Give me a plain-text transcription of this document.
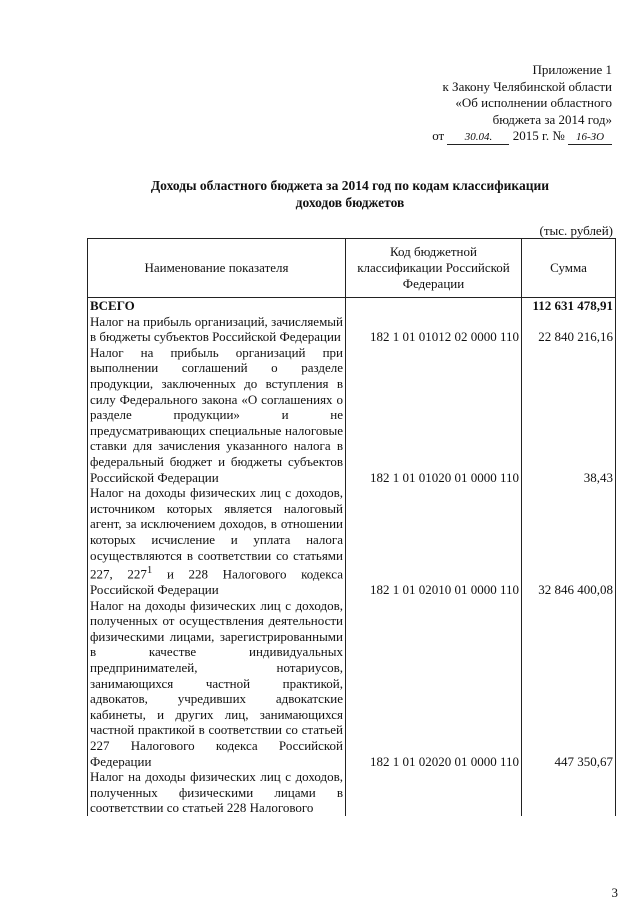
Приложение 1
к Закону Челябинской области
«Об исполнении областного
бюджета за 2014 год»
от 30.04. 2015 г. № 16-ЗО
Доходы областного бюджета за 2014 год по кодам классификации
доходов бюджетов
(тыс. рублей)
Наименование показателя	Код бюджетной классификации Российской Федерации	Сумма
ВСЕГО		112 631 478,91
Налог на прибыль организаций, зачисляемый в бюджеты субъектов Российской Федерации	182 1 01 01012 02 0000 110	22 840 216,16
Налог на прибыль организаций при выполнении соглашений о разделе продукции, заключенных до вступления в силу Федерального закона «О соглашениях о разделе продукции» и не предусматривающих специальные налоговые ставки для зачисления указанного налога в федеральный бюджет и бюджеты субъектов Российской Федерации	182 1 01 01020 01 0000 110	38,43
Налог на доходы физических лиц с доходов, источником которых является налоговый агент, за исключением доходов, в отношении которых исчисление и уплата налога осуществляются в соответствии со статьями 227, $227^1$ и 228 Налогового кодекса Российской Федерации	182 1 01 02010 01 0000 110	32 846 400,08
Налог на доходы физических лиц с доходов, полученных от осуществления деятельности физическими лицами, зарегистрированными в качестве индивидуальных предпринимателей, нотариусов, занимающихся частной практикой, адвокатов, учредивших адвокатские кабинеты, и других лиц, занимающихся частной практикой в соответствии со статьей 227 Налогового кодекса Российской Федерации	182 1 01 02020 01 0000 110	447 350,67
Налог на доходы физических лиц с доходов, полученных физическими лицами в соответствии со статьей 228 Налогового		
3
